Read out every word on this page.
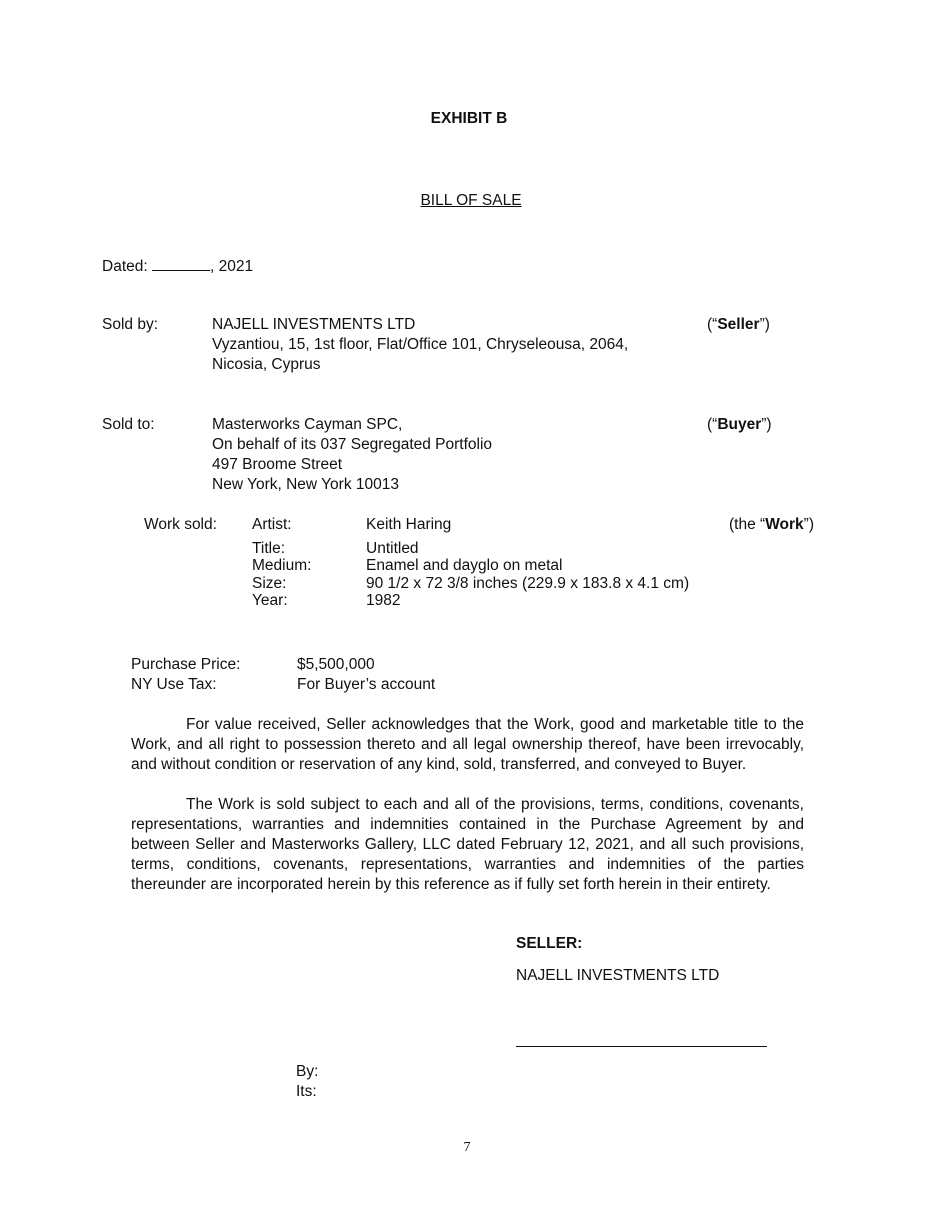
EXHIBIT B
BILL OF SALE
Dated:	, 2021
Sold by:	NAJELL INVESTMENTS LTD
Vyzantiou, 15, 1st floor, Flat/Office 101, Chryseleousa, 2064,
Nicosia, Cyprus
(“Seller”)
Sold to:	Masterworks Cayman SPC,
On behalf of its 037 Segregated Portfolio
497 Broome Street
New York, New York 10013
(“Buyer”)
Work sold: Artist:	Keith Haring	(the “Work”)
Title:	Untitled
Medium:	Enamel and dayglo on metal
Size:	90 1/2 x 72 3/8 inches (229.9 x 183.8 x 4.1 cm)
Year:	1982
Purchase Price:	$5,500,000
NY Use Tax:	For Buyer’s account
For value received, Seller acknowledges that the Work, good and marketable title to the Work, and all right to possession thereto and all legal ownership thereof, have been irrevocably, and without condition or reservation of any kind, sold, transferred, and conveyed to Buyer.
The Work is sold subject to each and all of the provisions, terms, conditions, covenants, representations, warranties and indemnities contained in the Purchase Agreement by and between Seller and Masterworks Gallery, LLC dated February 12, 2021, and all such provisions, terms, conditions, covenants, representations, warranties and indemnities of the parties thereunder are incorporated herein by this reference as if fully set forth herein in their entirety.
SELLER:
NAJELL INVESTMENTS LTD
By:
Its:
7
